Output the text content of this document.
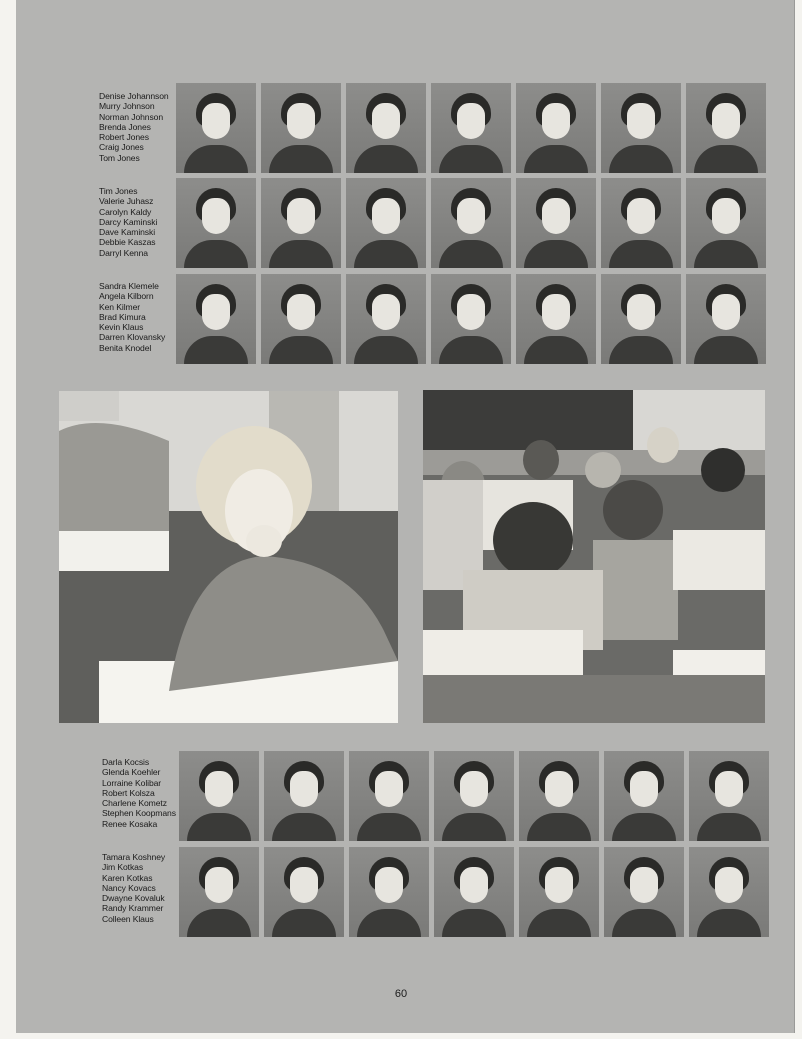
Denise Johannson
Murry Johnson
Norman Johnson
Brenda Jones
Robert Jones
Craig Jones
Tom Jones
Tim Jones
Valerie Juhasz
Carolyn Kaldy
Darcy Kaminski
Dave Kaminski
Debbie Kaszas
Darryl Kenna
Sandra Klemele
Angela Kilborn
Ken Kilmer
Brad Kimura
Kevin Klaus
Darren Klovansky
Benita Knodel
Darla Kocsis
Glenda Koehler
Lorraine Kolibar
Robert Kolsza
Charlene Kometz
Stephen Koopmans
Renee Kosaka
Tamara Koshney
Jim Kotkas
Karen Kotkas
Nancy Kovacs
Dwayne Kovaluk
Randy Krammer
Colleen Klaus
60
